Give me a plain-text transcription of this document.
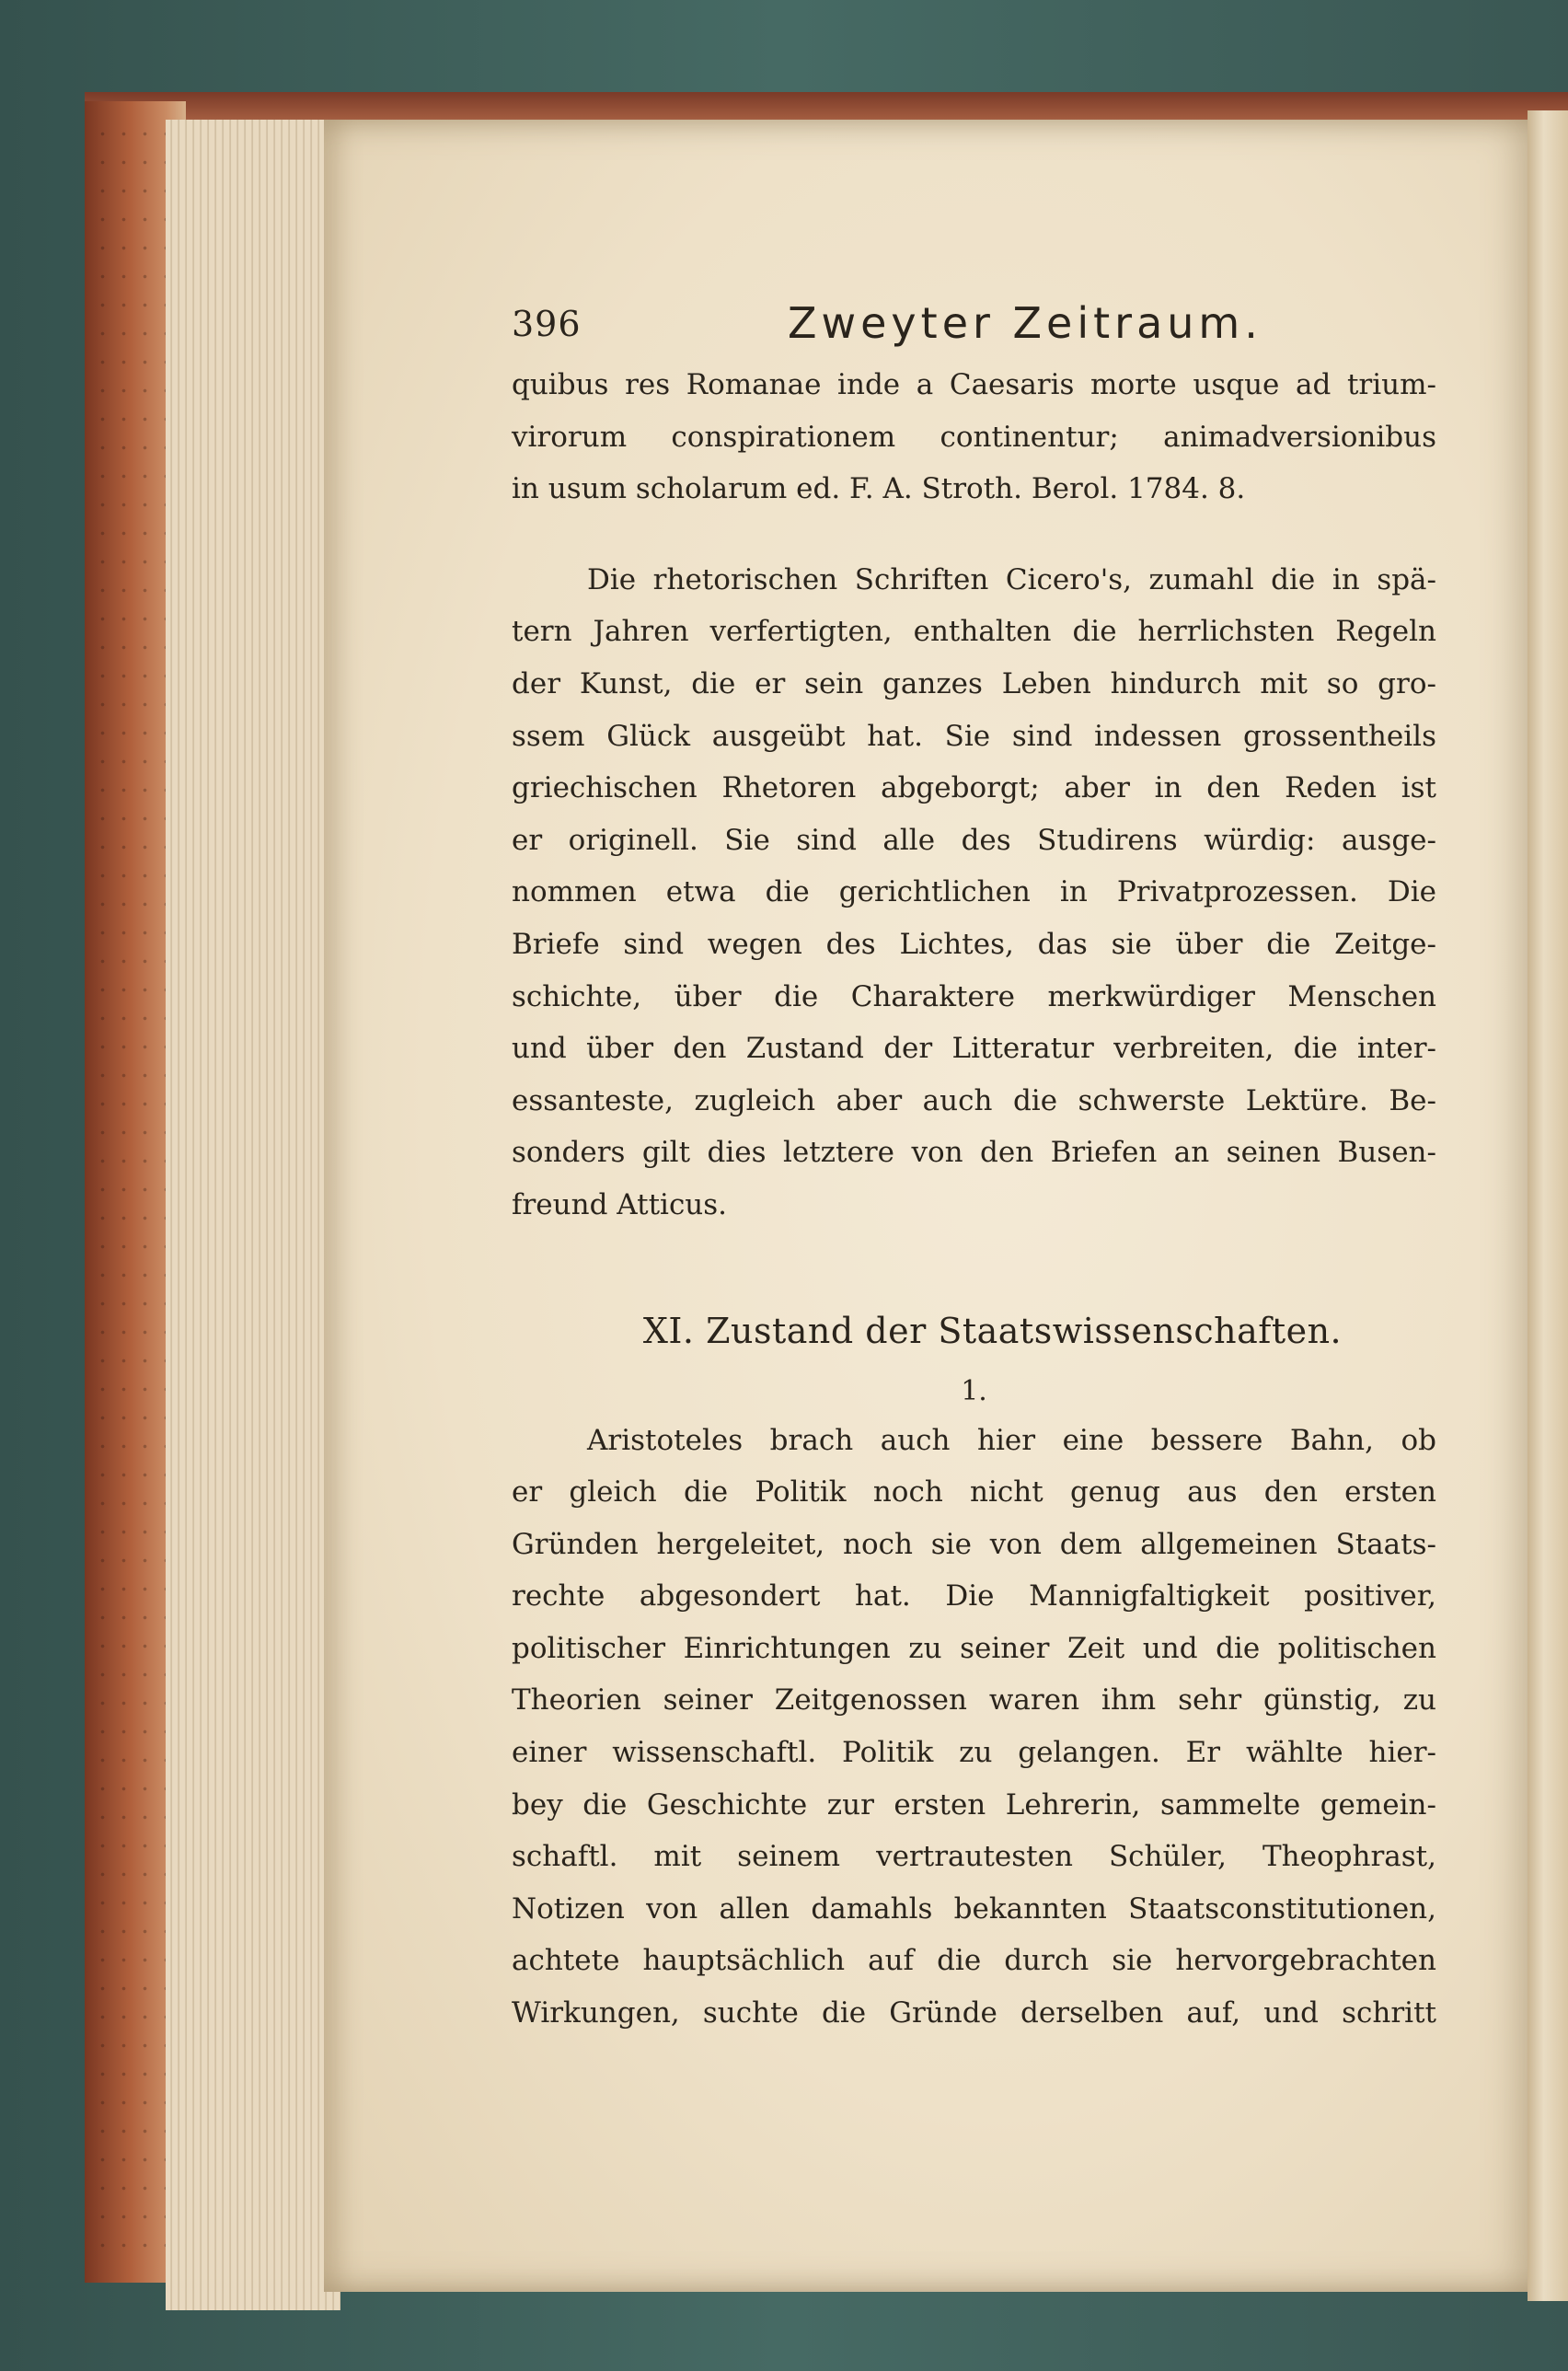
396	Zweyter Zeitraum.
quibus res Romanae inde a Caesaris morte usque ad trium-
virorum conspirationem continentur; animadversionibus
in usum scholarum ed. F. A. Stroth. Berol. 1784. 8.
Die rhetorischen Schriften Cicero's, zumahl die in spä-
tern Jahren verfertigten, enthalten die herrlichsten Regeln
der Kunst, die er sein ganzes Leben hindurch mit so gro-
ssem Glück ausgeübt hat. Sie sind indessen grossentheils
griechischen Rhetoren abgeborgt; aber in den Reden ist
er originell. Sie sind alle des Studirens würdig: ausge-
nommen etwa die gerichtlichen in Privatprozessen. Die
Briefe sind wegen des Lichtes, das sie über die Zeitge-
schichte, über die Charaktere merkwürdiger Menschen
und über den Zustand der Litteratur verbreiten, die inter-
essanteste, zugleich aber auch die schwerste Lektüre. Be-
sonders gilt dies letztere von den Briefen an seinen Busen-
freund Atticus.
XI. Zustand der Staatswissenschaften.
1.
Aristoteles brach auch hier eine bessere Bahn, ob
er gleich die Politik noch nicht genug aus den ersten
Gründen hergeleitet, noch sie von dem allgemeinen Staats-
rechte abgesondert hat. Die Mannigfaltigkeit positiver,
politischer Einrichtungen zu seiner Zeit und die politischen
Theorien seiner Zeitgenossen waren ihm sehr günstig, zu
einer wissenschaftl. Politik zu gelangen. Er wählte hier-
bey die Geschichte zur ersten Lehrerin, sammelte gemein-
schaftl. mit seinem vertrautesten Schüler, Theophrast,
Notizen von allen damahls bekannten Staatsconstitutionen,
achtete hauptsächlich auf die durch sie hervorgebrachten
Wirkungen, suchte die Gründe derselben auf, und schritt
